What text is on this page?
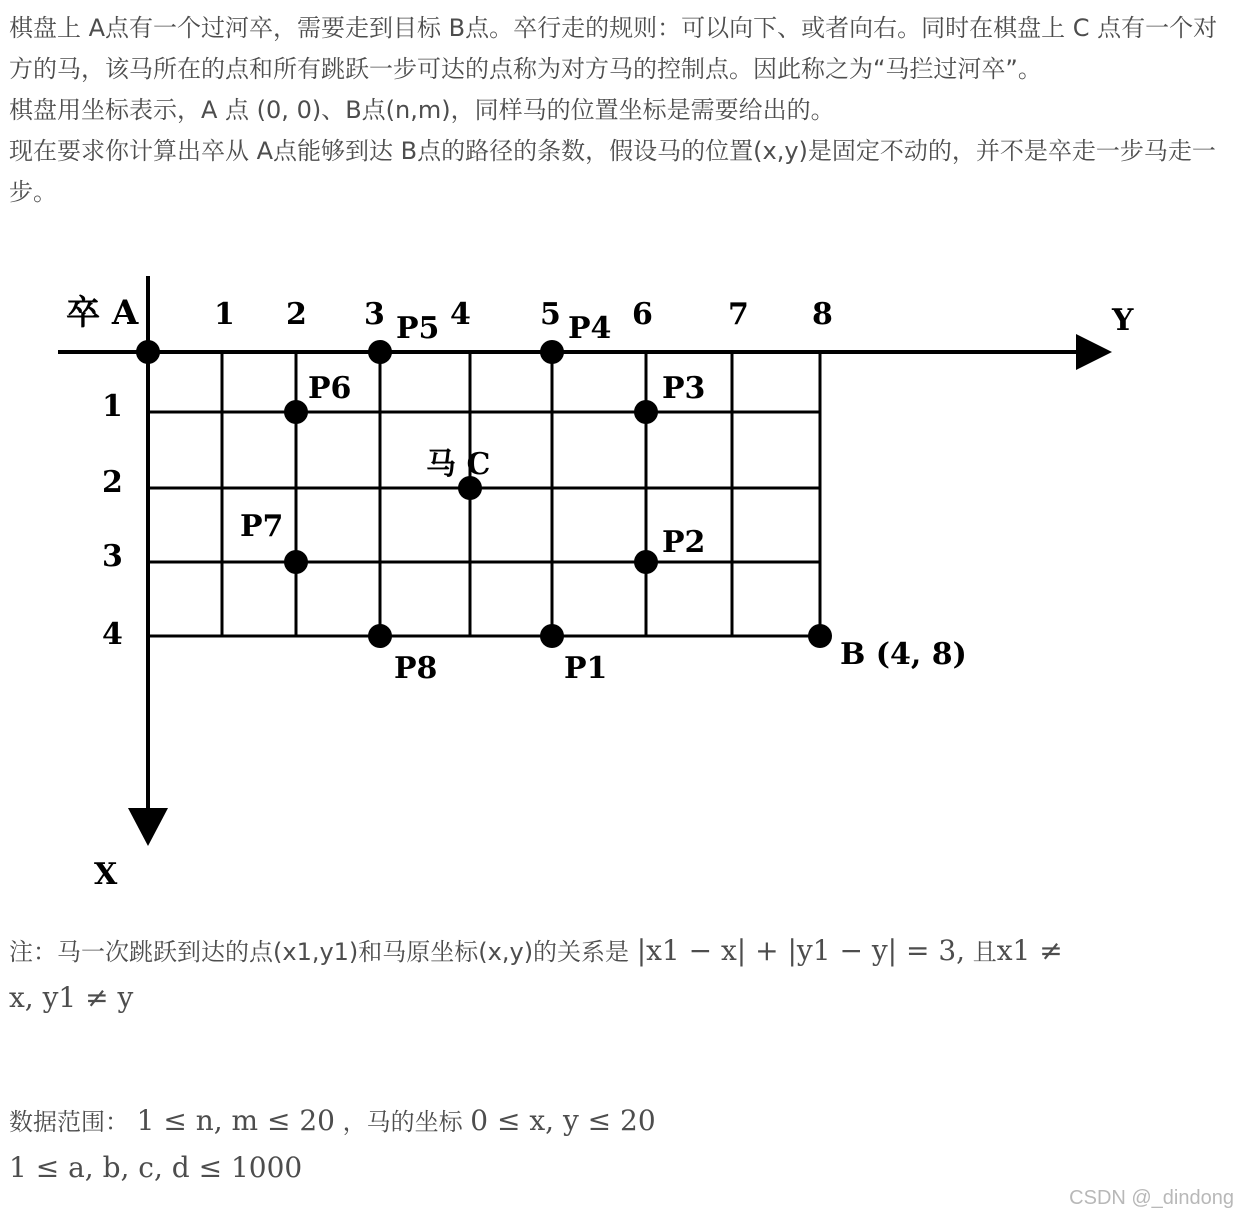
棋盘上 A点有一个过河卒，需要走到目标 B点。卒行走的规则：可以向下、或者向右。同时在棋盘上 C 点有一个对方的马，该马所在的点和所有跳跃一步可达的点称为对方马的控制点。因此称之为“马拦过河卒”。

棋盘用坐标表示，A 点 (0, 0)、B点(n,m)，同样马的位置坐标是需要给出的。

现在要求你计算出卒从 A点能够到达 B点的路径的条数，假设马的位置(x,y)是固定不动的，并不是卒走一步马走一步。

卒 A	Y
X
1 2 3 4 5 6	7 8
1
2
3
4
P1
P2
P3
P4
P5
P6
P7
P8
马 C
B (4, 8)

注：马一次跳跃到达的点(x1,y1)和马原坐标(x,y)的关系是 |x1 − x| + |y1 − y| = 3, 且x1 ≠

x, y1 ≠ y

数据范围： 1 ≤ n, m ≤ 20 ，马的坐标 0 ≤ x, y ≤ 20

1 ≤ a, b, c, d ≤ 1000

CSDN @_dindong
